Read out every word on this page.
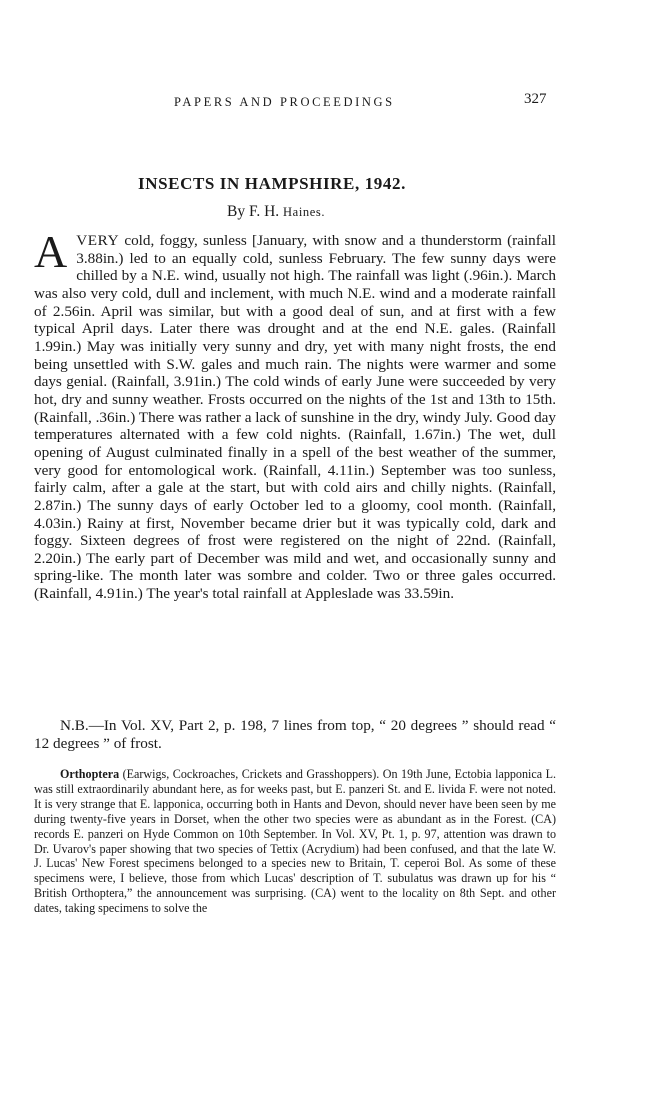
PAPERS AND PROCEEDINGS	327
INSECTS IN HAMPSHIRE, 1942.
By F. H. Haines.

AVERY cold, foggy, sunless [January, with snow and a thunderstorm (rainfall 3.88in.) led to an equally cold, sunless February. The few sunny days were chilled by a N.E. wind, usually not high. The rainfall was light (.96in.). March was also very cold, dull and inclement, with much N.E. wind and a moderate rainfall of 2.56in. April was similar, but with a good deal of sun, and at first with a few typical April days. Later there was drought and at the end N.E. gales. (Rainfall 1.99in.) May was initially very sunny and dry, yet with many night frosts, the end being unsettled with S.W. gales and much rain. The nights were warmer and some days genial. (Rainfall, 3.91in.) The cold winds of early June were succeeded by very hot, dry and sunny weather. Frosts occurred on the nights of the 1st and 13th to 15th. (Rainfall, .36in.) There was rather a lack of sunshine in the dry, windy July. Good day temperatures alternated with a few cold nights. (Rainfall, 1.67in.) The wet, dull opening of August culminated finally in a spell of the best weather of the summer, very good for entomological work. (Rainfall, 4.11in.) September was too sunless, fairly calm, after a gale at the start, but with cold airs and chilly nights. (Rainfall, 2.87in.) The sunny days of early October led to a gloomy, cool month. (Rainfall, 4.03in.) Rainy at first, November became drier but it was typically cold, dark and foggy. Sixteen degrees of frost were registered on the night of 22nd. (Rainfall, 2.20in.) The early part of December was mild and wet, and occasionally sunny and spring-like. The month later was sombre and colder. Two or three gales occurred. (Rainfall, 4.91in.) The year's total rainfall at Appleslade was 33.59in.

N.B.—In Vol. XV, Part 2, p. 198, 7 lines from top, “ 20 degrees ” should read “ 12 degrees ” of frost.

Orthoptera (Earwigs, Cockroaches, Crickets and Grasshoppers). On 19th June, Ectobia lapponica L. was still extraordinarily abundant here, as for weeks past, but E. panzeri St. and E. livida F. were not noted. It is very strange that E. lapponica, occurring both in Hants and Devon, should never have been seen by me during twenty-five years in Dorset, when the other two species were as abundant as in the Forest. (CA) records E. panzeri on Hyde Common on 10th September. In Vol. XV, Pt. 1, p. 97, attention was drawn to Dr. Uvarov's paper showing that two species of Tettix (Acrydium) had been confused, and that the late W. J. Lucas' New Forest specimens belonged to a species new to Britain, T. ceperoi Bol. As some of these specimens were, I believe, those from which Lucas' description of T. subulatus was drawn up for his “ British Orthoptera,” the announcement was surprising. (CA) went to the locality on 8th Sept. and other dates, taking specimens to solve the
